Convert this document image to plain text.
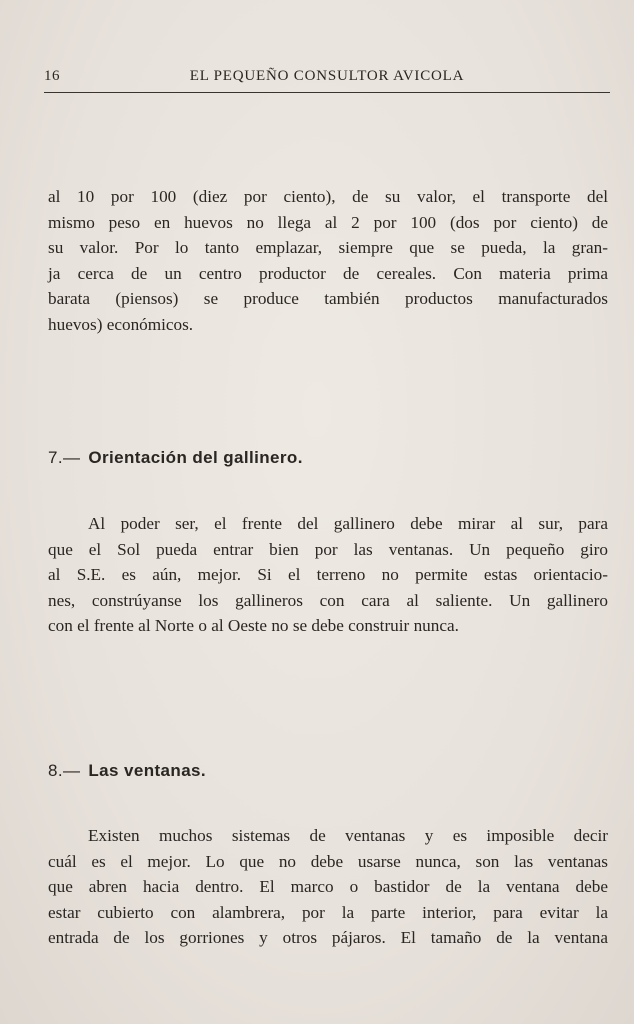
16	EL PEQUEÑO CONSULTOR AVICOLA
al 10 por 100 (diez por ciento), de su valor, el transporte del
mismo peso en huevos no llega al 2 por 100 (dos por ciento) de
su valor. Por lo tanto emplazar, siempre que se pueda, la gran-
ja cerca de un centro productor de cereales. Con materia prima
barata (piensos) se produce también productos manufacturados
huevos) económicos.
7.— Orientación del gallinero.
Al poder ser, el frente del gallinero debe mirar al sur, para
que el Sol pueda entrar bien por las ventanas. Un pequeño giro
al S.E. es aún, mejor. Si el terreno no permite estas orientacio-
nes, constrúyanse los gallineros con cara al saliente. Un gallinero
con el frente al Norte o al Oeste no se debe construir nunca.
8.— Las ventanas.
Existen muchos sistemas de ventanas y es imposible decir
cuál es el mejor. Lo que no debe usarse nunca, son las ventanas
que abren hacia dentro. El marco o bastidor de la ventana debe
estar cubierto con alambrera, por la parte interior, para evitar la
entrada de los gorriones y otros pájaros. El tamaño de la ventana
